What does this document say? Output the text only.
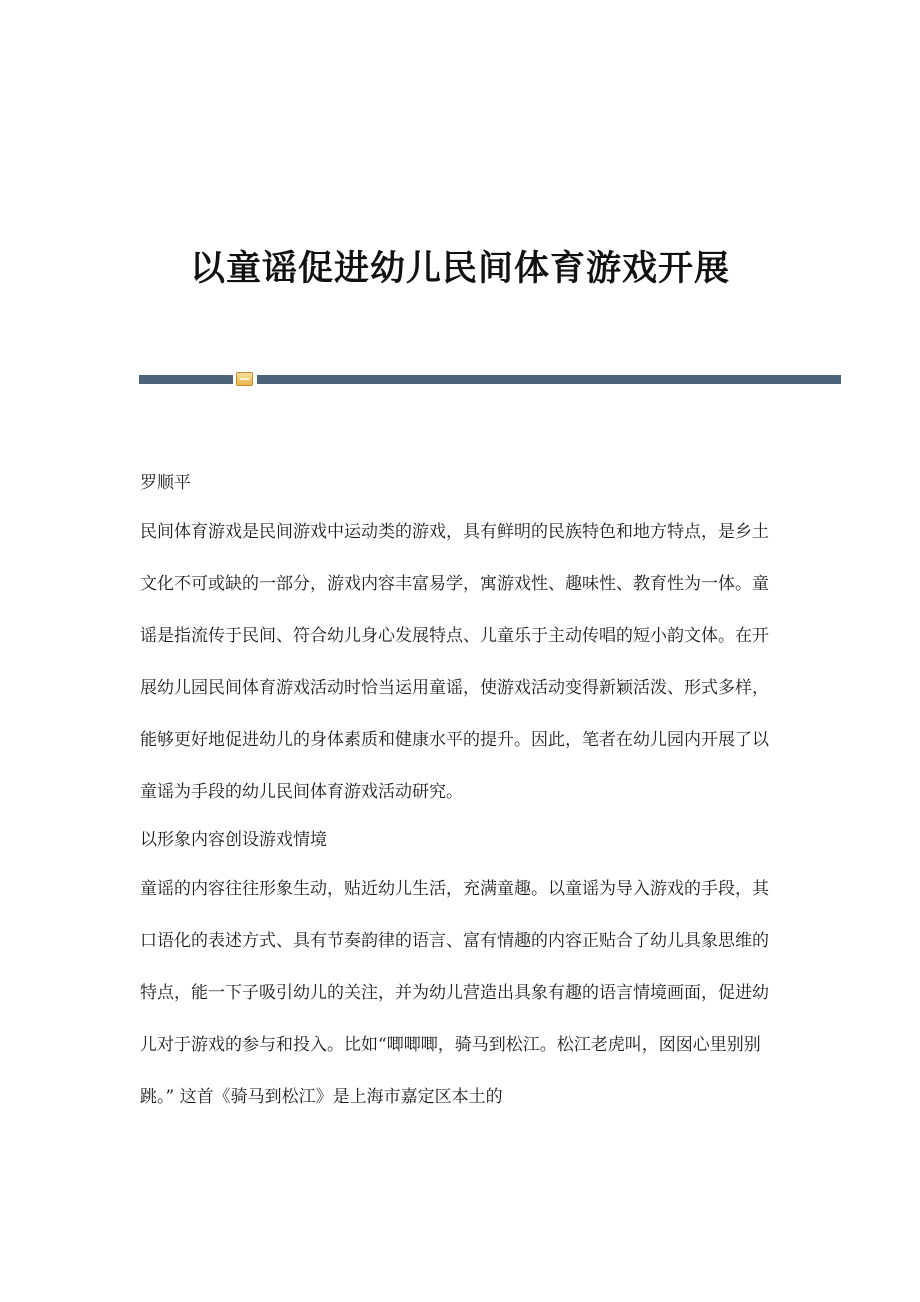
以童谣促进幼儿民间体育游戏开展

罗顺平

民间体育游戏是民间游戏中运动类的游戏，具有鲜明的民族特色和地方特点，是乡土文化不可或缺的一部分，游戏内容丰富易学，寓游戏性、趣味性、教育性为一体。童谣是指流传于民间、符合幼儿身心发展特点、儿童乐于主动传唱的短小韵文体。在开展幼儿园民间体育游戏活动时恰当运用童谣，使游戏活动变得新颖活泼、形式多样，能够更好地促进幼儿的身体素质和健康水平的提升。因此，笔者在幼儿园内开展了以童谣为手段的幼儿民间体育游戏活动研究。

以形象内容创设游戏情境

童谣的内容往往形象生动，贴近幼儿生活，充满童趣。以童谣为导入游戏的手段，其口语化的表述方式、具有节奏韵律的语言、富有情趣的内容正贴合了幼儿具象思维的特点，能一下子吸引幼儿的关注，并为幼儿营造出具象有趣的语言情境画面，促进幼儿对于游戏的参与和投入。比如“唧唧唧，骑马到松江。松江老虎叫，囡囡心里别别跳。” 这首《骑马到松江》是上海市嘉定区本土的
